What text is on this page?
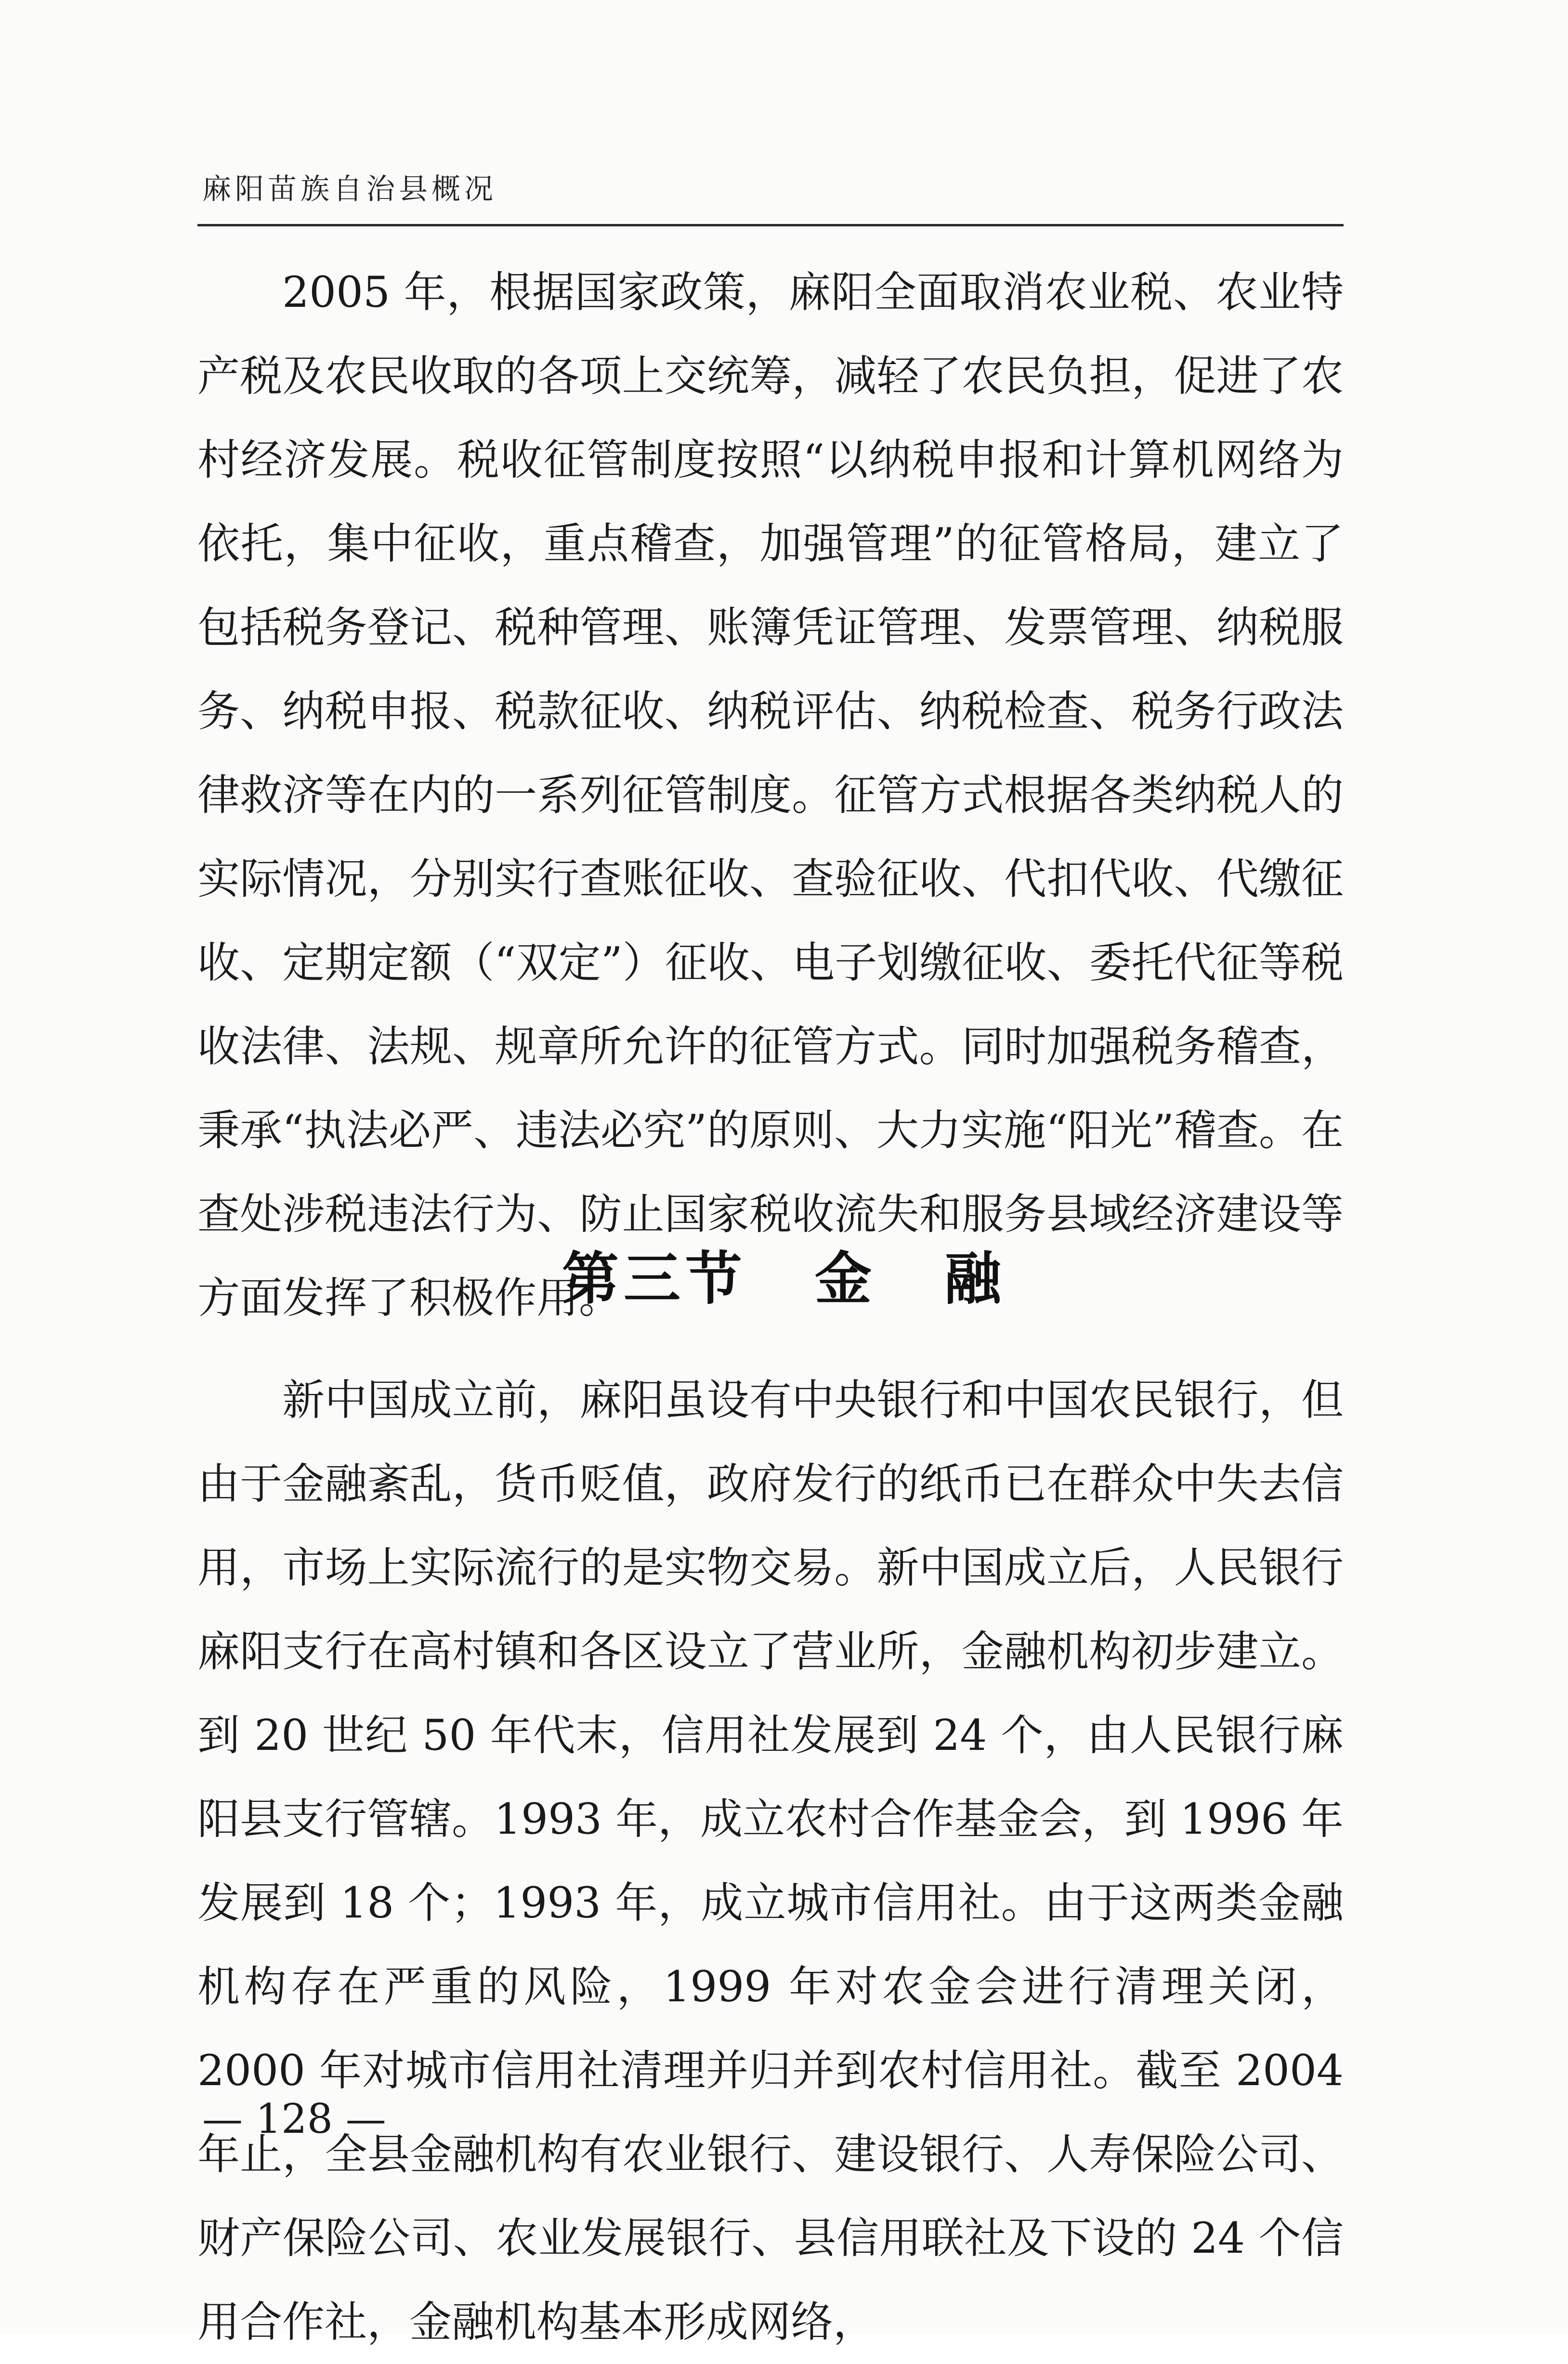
麻阳苗族自治县概况

2005 年，根据国家政策，麻阳全面取消农业税、农业特产税及农民收取的各项上交统筹，减轻了农民负担，促进了农村经济发展。税收征管制度按照“以纳税申报和计算机网络为依托，集中征收，重点稽查，加强管理”的征管格局，建立了包括税务登记、税种管理、账簿凭证管理、发票管理、纳税服务、纳税申报、税款征收、纳税评估、纳税检查、税务行政法律救济等在内的一系列征管制度。征管方式根据各类纳税人的实际情况，分别实行查账征收、查验征收、代扣代收、代缴征收、定期定额（“双定”）征收、电子划缴征收、委托代征等税收法律、法规、规章所允许的征管方式。同时加强税务稽查，秉承“执法必严、违法必究”的原则、大力实施“阳光”稽查。在查处涉税违法行为、防止国家税收流失和服务县域经济建设等方面发挥了积极作用。

第三节 金 融

新中国成立前，麻阳虽设有中央银行和中国农民银行，但由于金融紊乱，货币贬值，政府发行的纸币已在群众中失去信用，市场上实际流行的是实物交易。新中国成立后，人民银行麻阳支行在高村镇和各区设立了营业所，金融机构初步建立。到 20 世纪 50 年代末，信用社发展到 24 个，由人民银行麻阳县支行管辖。1993 年，成立农村合作基金会，到 1996 年发展到 18 个；1993 年，成立城市信用社。由于这两类金融机构存在严重的风险，1999 年对农金会进行清理关闭，2000 年对城市信用社清理并归并到农村信用社。截至 2004 年止，全县金融机构有农业银行、建设银行、人寿保险公司、财产保险公司、农业发展银行、县信用联社及下设的 24 个信用合作社，金融机构基本形成网络，

— 128 —
